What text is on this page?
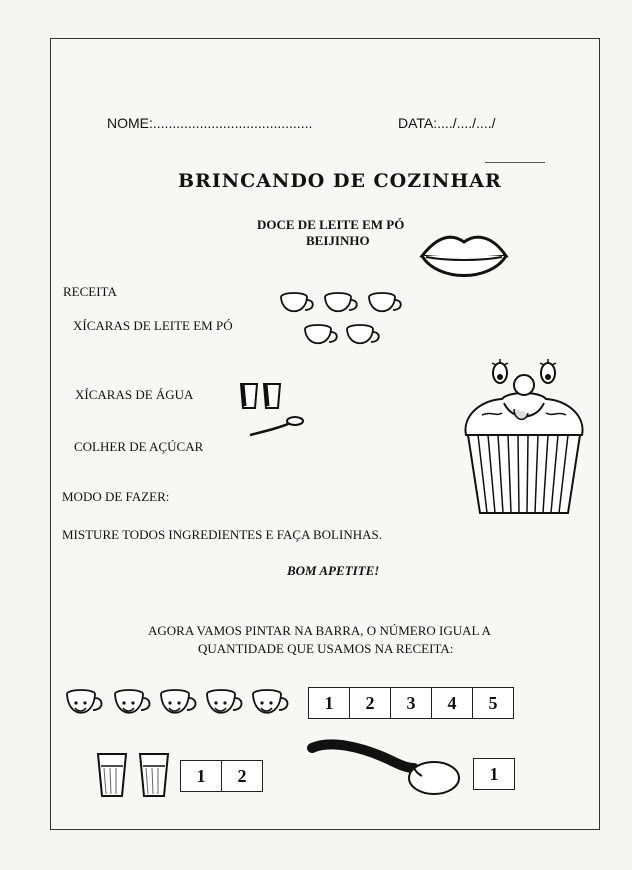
NOME:.........................................	DATA:..../..../..../
BRINCANDO DE COZINHAR
DOCE DE LEITE EM PÓ
BEIJINHO
RECEITA
XÍCARAS DE LEITE EM PÓ
XÍCARAS DE ÁGUA
COLHER DE AÇÚCAR
MODO DE FAZER:
MISTURE TODOS INGREDIENTES E FAÇA BOLINHAS.
BOM APETITE!
AGORA VAMOS PINTAR NA BARRA, O NÚMERO IGUAL A
QUANTIDADE QUE USAMOS NA RECEITA:
1	2	3	4	5
1	2	1
